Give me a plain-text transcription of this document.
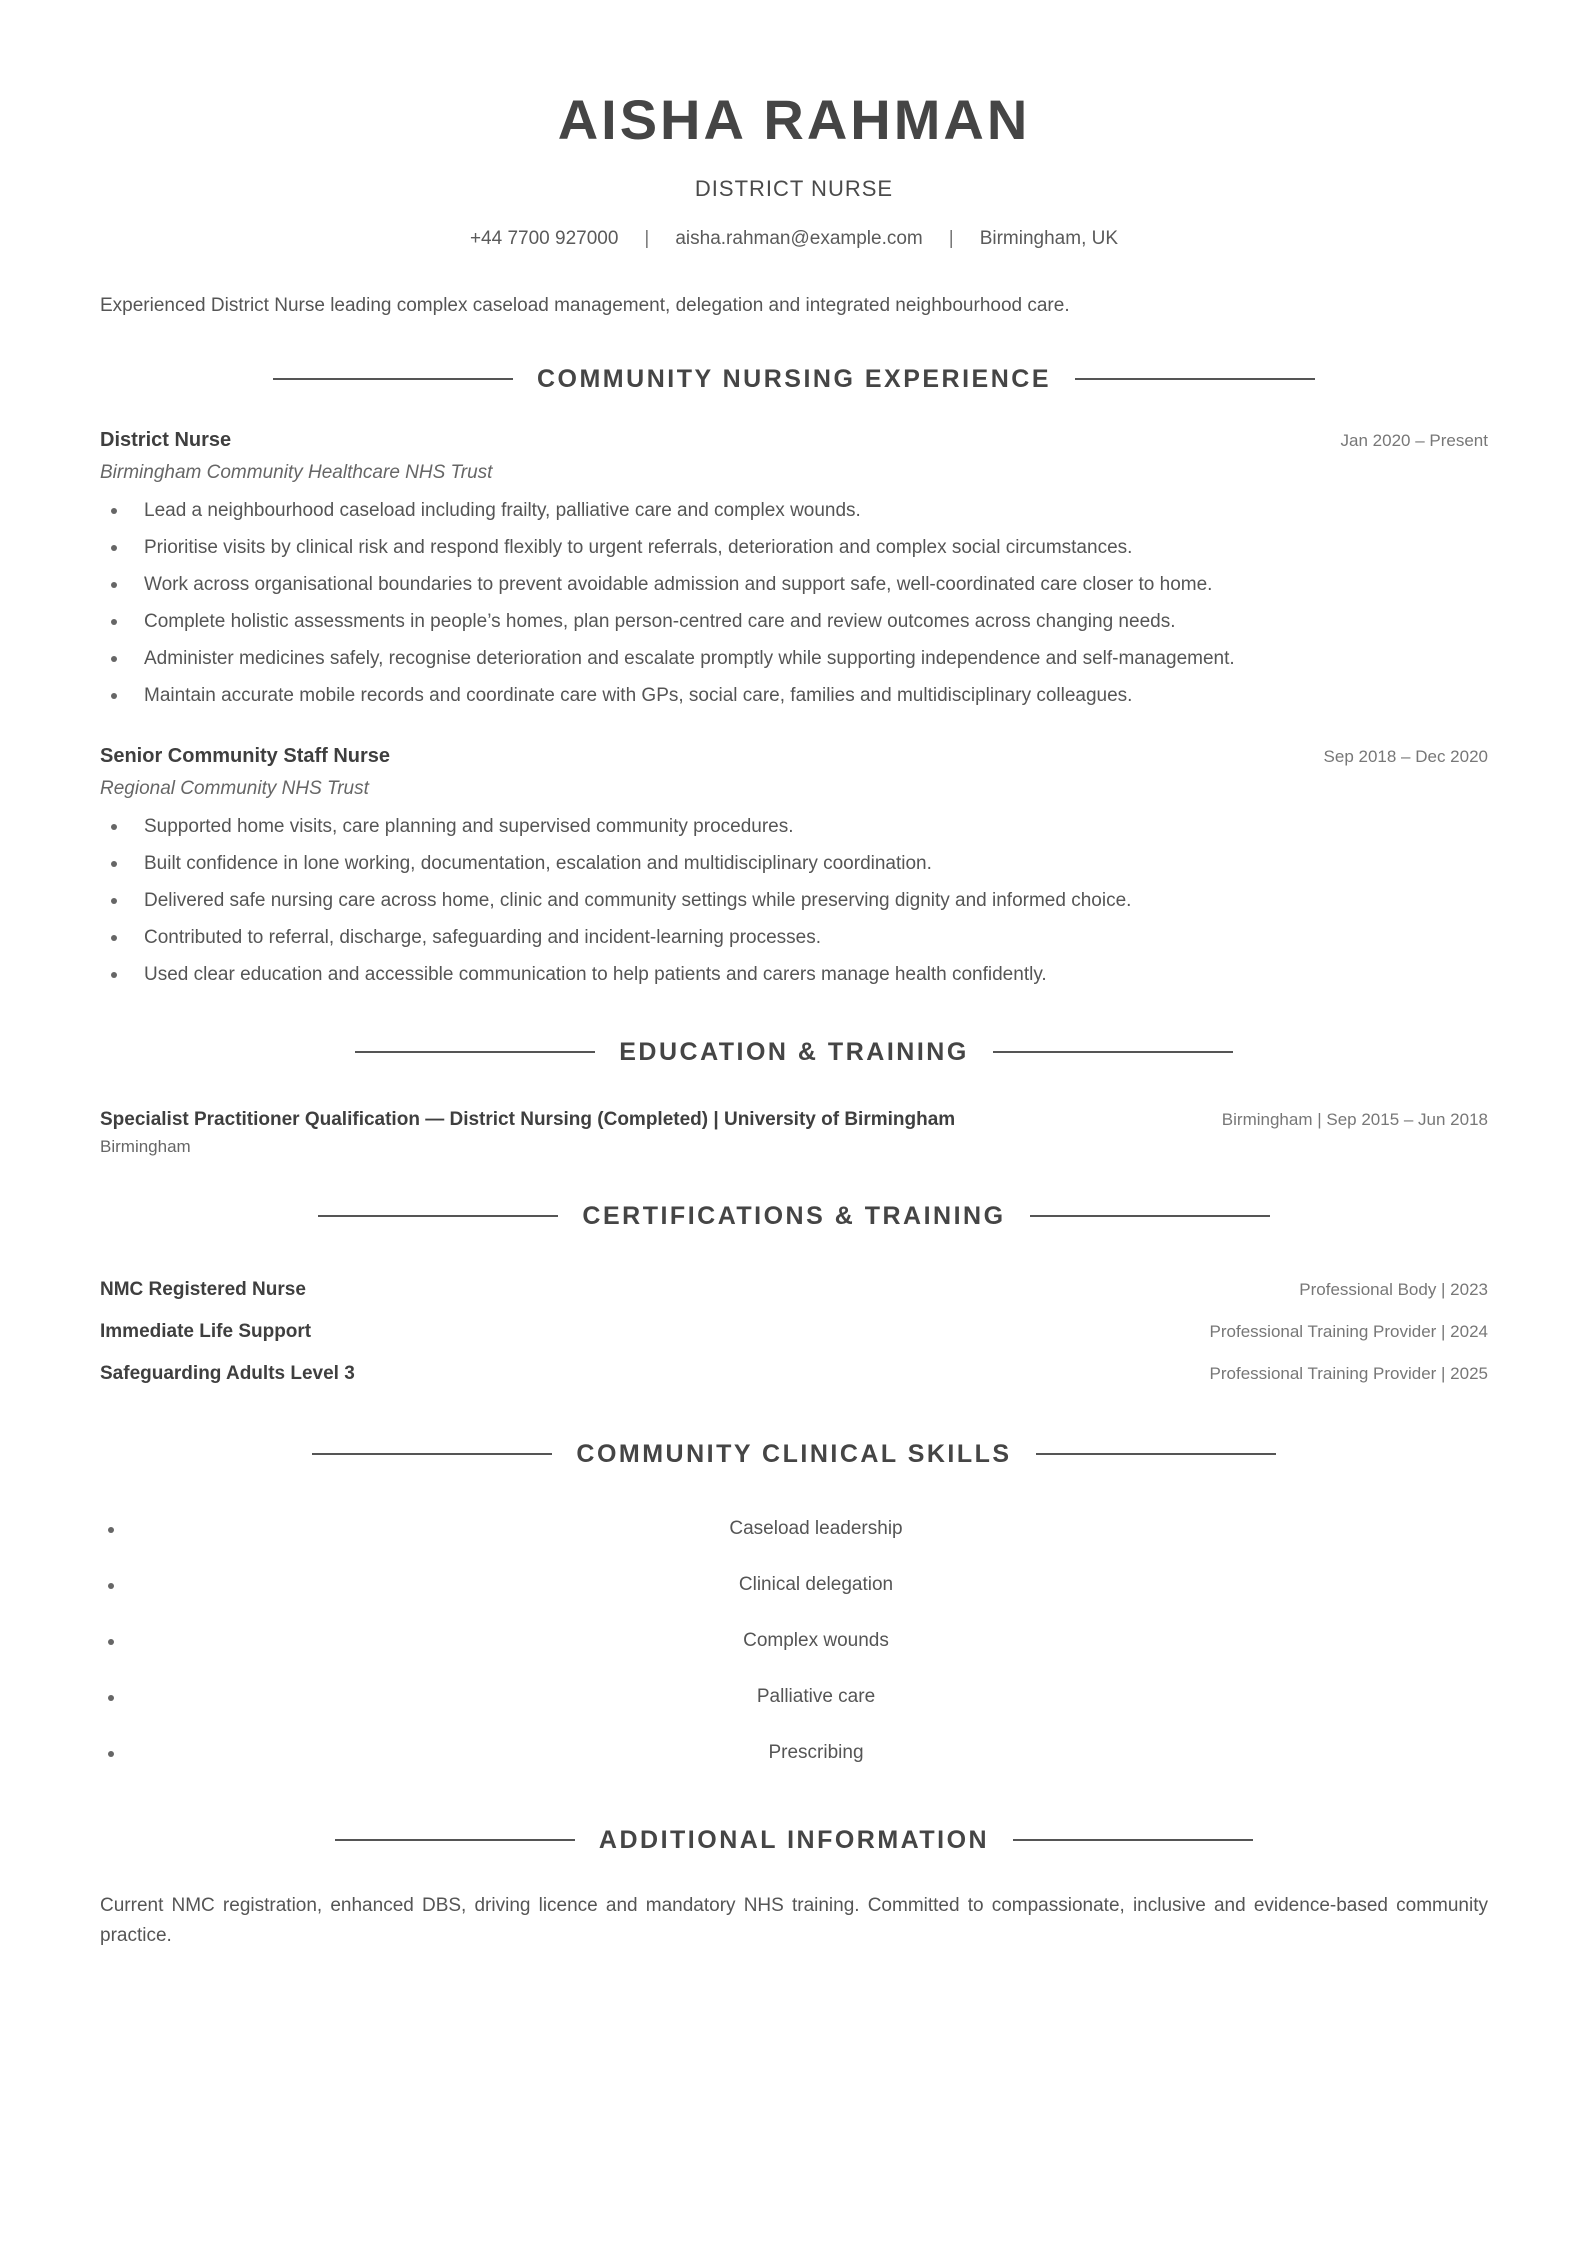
AISHA RAHMAN
DISTRICT NURSE
+44 7700 927000 | aisha.rahman@example.com | Birmingham, UK
Experienced District Nurse leading complex caseload management, delegation and integrated neighbourhood care.
COMMUNITY NURSING EXPERIENCE
District Nurse	Jan 2020 – Present
Birmingham Community Healthcare NHS Trust
Lead a neighbourhood caseload including frailty, palliative care and complex wounds.
Prioritise visits by clinical risk and respond flexibly to urgent referrals, deterioration and complex social circumstances.
Work across organisational boundaries to prevent avoidable admission and support safe, well-coordinated care closer to home.
Complete holistic assessments in people’s homes, plan person-centred care and review outcomes across changing needs.
Administer medicines safely, recognise deterioration and escalate promptly while supporting independence and self-management.
Maintain accurate mobile records and coordinate care with GPs, social care, families and multidisciplinary colleagues.
Senior Community Staff Nurse	Sep 2018 – Dec 2020
Regional Community NHS Trust
Supported home visits, care planning and supervised community procedures.
Built confidence in lone working, documentation, escalation and multidisciplinary coordination.
Delivered safe nursing care across home, clinic and community settings while preserving dignity and informed choice.
Contributed to referral, discharge, safeguarding and incident-learning processes.
Used clear education and accessible communication to help patients and carers manage health confidently.
EDUCATION & TRAINING
Specialist Practitioner Qualification — District Nursing (Completed) | University of Birmingham	Birmingham | Sep 2015 – Jun 2018
Birmingham
CERTIFICATIONS & TRAINING
NMC Registered Nurse	Professional Body | 2023
Immediate Life Support	Professional Training Provider | 2024
Safeguarding Adults Level 3	Professional Training Provider | 2025
COMMUNITY CLINICAL SKILLS
Caseload leadership
Clinical delegation
Complex wounds
Palliative care
Prescribing
ADDITIONAL INFORMATION
Current NMC registration, enhanced DBS, driving licence and mandatory NHS training. Committed to compassionate, inclusive and evidence-based community practice.
